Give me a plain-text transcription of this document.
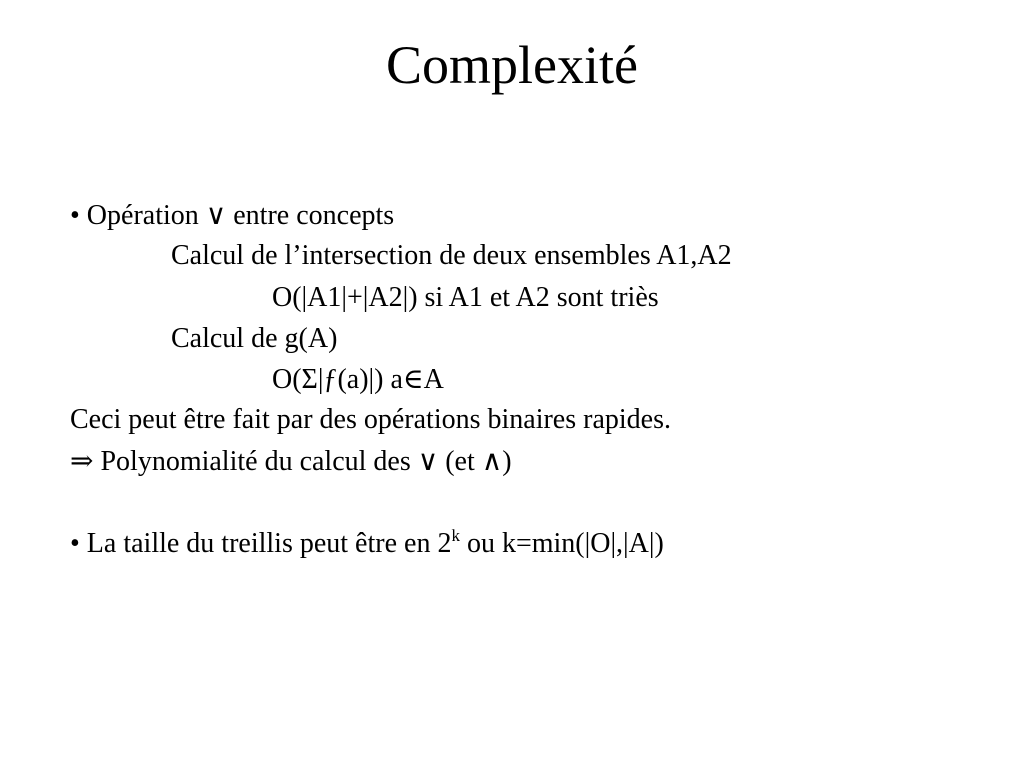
Complexité
• Opération ∨ entre concepts
Calcul de l’intersection de deux ensembles A1,A2
O(|A1|+|A2|) si A1 et A2 sont triès
Calcul de g(A)
O(Σ|ƒ(a)|) a∈A
Ceci peut être fait par des opérations binaires rapides.
⇒ Polynomialité du calcul des ∨ (et ∧)
• La taille du treillis peut être en 2$^k$ ou k=min(|O|,|A|)
